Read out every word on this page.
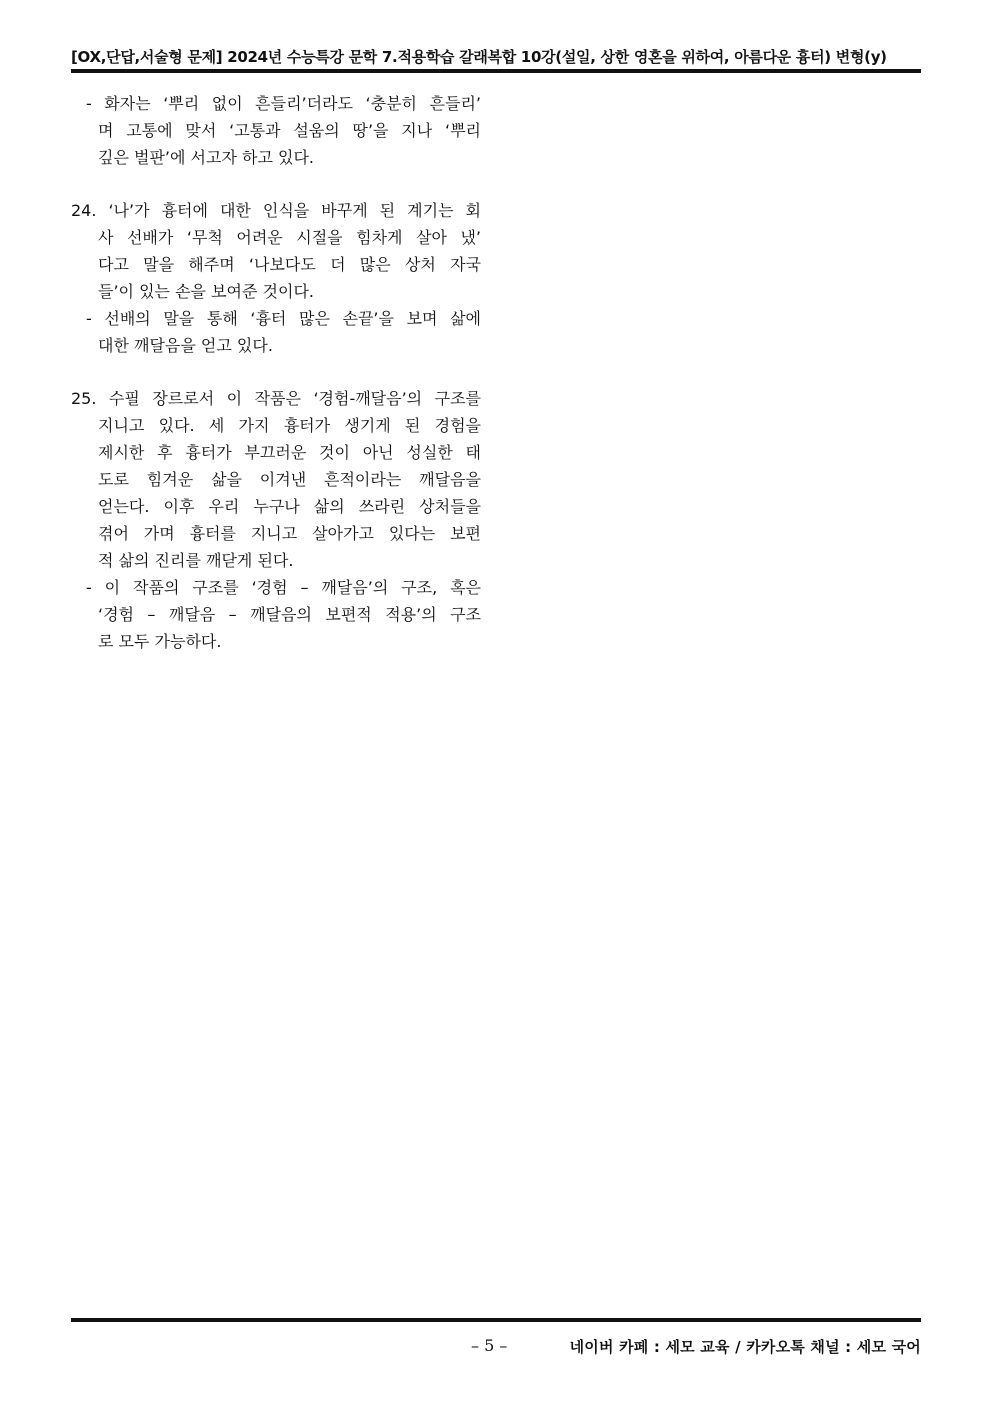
[OX,단답,서술형 문제] 2024년 수능특강 문학 7.적용학습 갈래복합 10강(설일, 상한 영혼을 위하여, 아름다운 흉터) 변형(y)
- 화자는 ‘뿌리 없이 흔들리’더라도 ‘충분히 흔들리’
며 고통에 맞서 ‘고통과 설움의 땅’을 지나 ‘뿌리
깊은 벌판’에 서고자 하고 있다.
24. ‘나’가 흉터에 대한 인식을 바꾸게 된 계기는 회
사 선배가 ‘무척 어려운 시절을 힘차게 살아 냈’
다고 말을 해주며 ‘나보다도 더 많은 상처 자국
들’이 있는 손을 보여준 것이다.
- 선배의 말을 통해 ‘흉터 많은 손끝’을 보며 삶에
대한 깨달음을 얻고 있다.
25. 수필 장르로서 이 작품은 ‘경험-깨달음’의 구조를
지니고 있다. 세 가지 흉터가 생기게 된 경험을
제시한 후 흉터가 부끄러운 것이 아닌 성실한 태
도로 힘겨운 삶을 이겨낸 흔적이라는 깨달음을
얻는다. 이후 우리 누구나 삶의 쓰라린 상처들을
겪어 가며 흉터를 지니고 살아가고 있다는 보편
적 삶의 진리를 깨닫게 된다.
- 이 작품의 구조를 ‘경험 – 깨달음’의 구조, 혹은
‘경험 – 깨달음 – 깨달음의 보편적 적용’의 구조
로 모두 가능하다.
– 5 –	네이버 카페 : 세모 교육 / 카카오톡 채널 : 세모 국어
